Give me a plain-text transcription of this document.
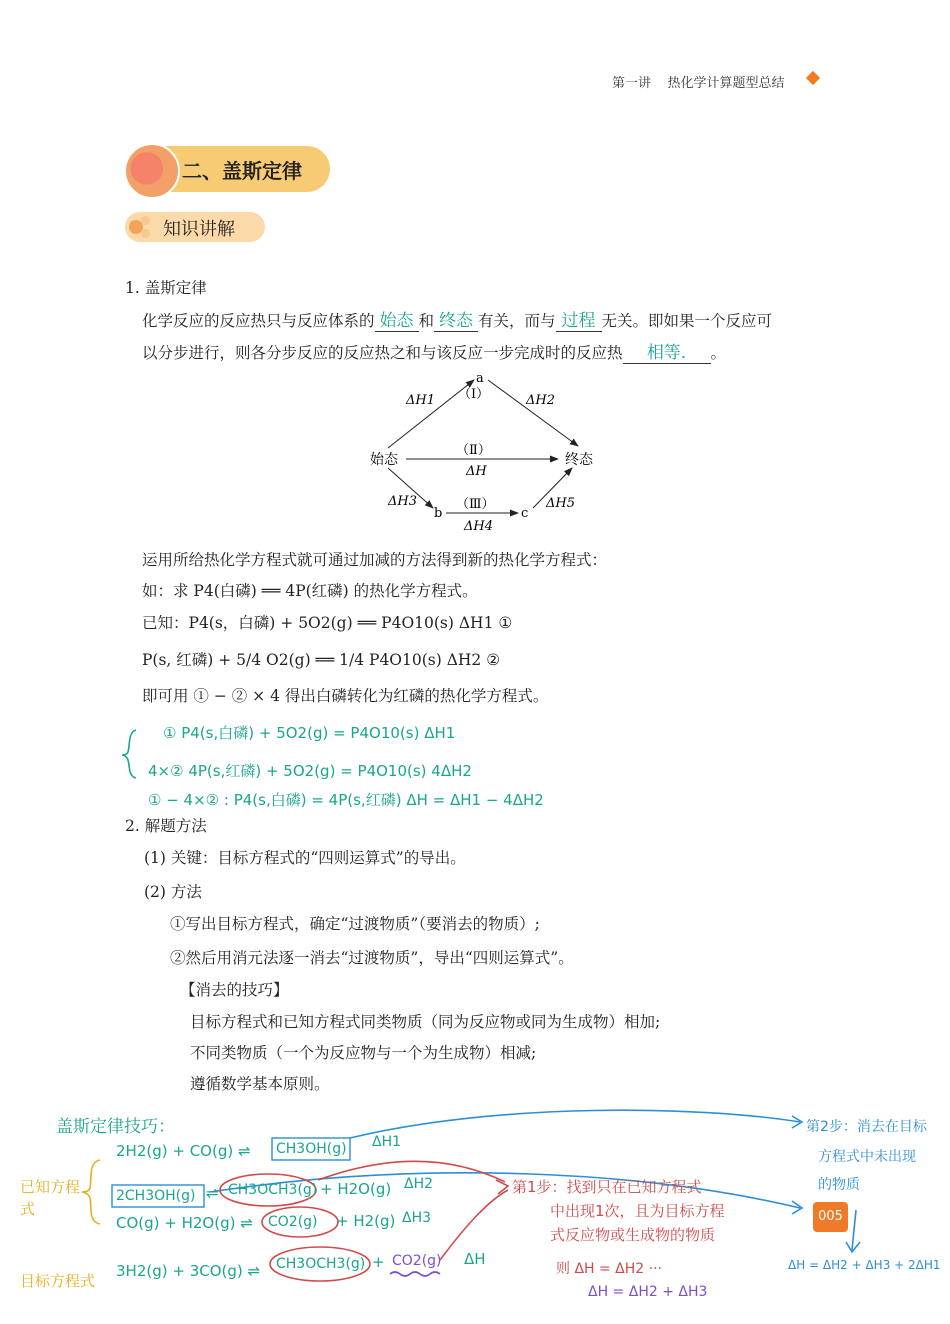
第一讲 热化学计算题型总结
二、盖斯定律
知识讲解
1. 盖斯定律
化学反应的反应热只与反应体系的 始态 和 终态 有关，而与 过程 无关。即如果一个反应可
以分步进行，则各分步反应的反应热之和与该反应一步完成时的反应热 相等. 。
始态	终态
a
b	c
（Ⅰ）
（Ⅱ）
（Ⅲ）
ΔH1	ΔH2
ΔH
ΔH3
ΔH4
ΔH5
运用所给热化学方程式就可通过加减的方法得到新的热化学方程式：
如：求 P4(白磷) ══ 4P(红磷) 的热化学方程式。
已知：P4(s，白磷) + 5O2(g) ══ P4O10(s) ΔH1 ①
P(s, 红磷) + 5/4 O2(g) ══ 1/4 P4O10(s) ΔH2 ②
即可用 ① − ② × 4 得出白磷转化为红磷的热化学方程式。
① P4(s,白磷) + 5O2(g) = P4O10(s) ΔH1
4×② 4P(s,红磷) + 5O2(g) = P4O10(s) 4ΔH2
① − 4×② : P4(s,白磷) = 4P(s,红磷) ΔH = ΔH1 − 4ΔH2
2. 解题方法
(1) 关键：目标方程式的“四则运算式”的导出。
(2) 方法
①写出目标方程式，确定“过渡物质”（要消去的物质）;
②然后用消元法逐一消去“过渡物质”，导出“四则运算式”。
【消去的技巧】
目标方程式和已知方程式同类物质（同为反应物或同为生成物）相加;
不同类物质（一个为反应物与一个为生成物）相减;
遵循数学基本原则。
盖斯定律技巧：
已知方程式
目标方程式
2H2(g) + CO(g) ⇌ CH3OH(g) ΔH1
2CH3OH(g) ⇌ CH3OCH3(g) + H2O(g) ΔH2
CO(g) + H2O(g) ⇌ CO2(g) + H2(g) ΔH3
3H2(g) + 3CO(g) ⇌ CH3OCH3(g) + CO2(g) ΔH
第1步：找到只在已知方程式
中出现1次，且为目标方程
式反应物或生成物的物质
则 ΔH = ΔH2 ···
ΔH = ΔH2 + ΔH3
第2步：消去在目标
方程式中未出现
的物质
ΔH = ΔH2 + ΔH3 + 2ΔH1
005
